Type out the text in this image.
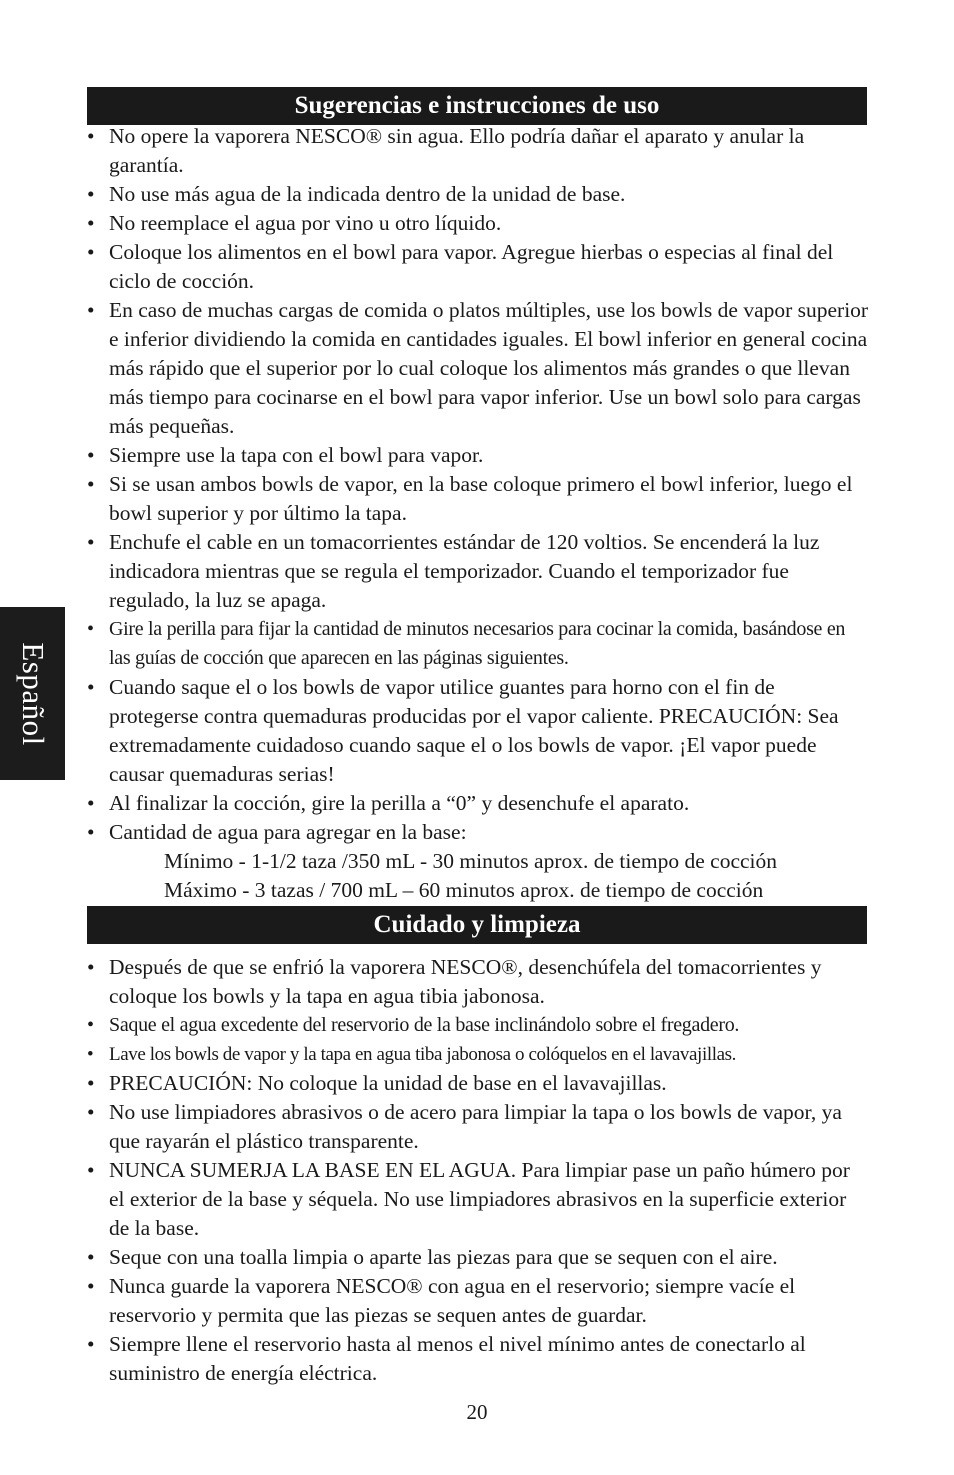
Español
Sugerencias e instrucciones de uso
• No opere la vaporera NESCO® sin agua. Ello podría dañar el aparato y anular la garantía.
• No use más agua de la indicada dentro de la unidad de base.
• No reemplace el agua por vino u otro líquido.
• Coloque los alimentos en el bowl para vapor. Agregue hierbas o especias al final del ciclo de cocción.
• En caso de muchas cargas de comida o platos múltiples, use los bowls de vapor superior e inferior dividiendo la comida en cantidades iguales. El bowl inferior en general cocina más rápido que el superior por lo cual coloque los alimentos más grandes o que llevan más tiempo para cocinarse en el bowl para vapor inferior. Use un bowl solo para cargas más pequeñas.
• Siempre use la tapa con el bowl para vapor.
• Si se usan ambos bowls de vapor, en la base coloque primero el bowl inferior, luego el bowl superior y por último la tapa.
• Enchufe el cable en un tomacorrientes estándar de 120 voltios. Se encenderá la luz indicadora mientras que se regula el temporizador. Cuando el temporizador fue regulado, la luz se apaga.
• Gire la perilla para fijar la cantidad de minutos necesarios para cocinar la comida, basándose en las guías de cocción que aparecen en las páginas siguientes.
• Cuando saque el o los bowls de vapor utilice guantes para horno con el fin de protegerse contra quemaduras producidas por el vapor caliente. PRECAUCIÓN: Sea extremadamente cuidadoso cuando saque el o los bowls de vapor. ¡El vapor puede causar quemaduras serias!
• Al finalizar la cocción, gire la perilla a “0” y desenchufe el aparato.
• Cantidad de agua para agregar en la base:
Mínimo - 1-1/2 taza /350 mL - 30 minutos aprox. de tiempo de cocción
Máximo - 3 tazas / 700 mL – 60 minutos aprox. de tiempo de cocción
Cuidado y limpieza
• Después de que se enfrió la vaporera NESCO®, desenchúfela del tomacorrientes y coloque los bowls y la tapa en agua tibia jabonosa.
• Saque el agua excedente del reservorio de la base inclinándolo sobre el fregadero.
• Lave los bowls de vapor y la tapa en agua tiba jabonosa o colóquelos en el lavavajillas.
• PRECAUCIÓN: No coloque la unidad de base en el lavavajillas.
• No use limpiadores abrasivos o de acero para limpiar la tapa o los bowls de vapor, ya que rayarán el plástico transparente.
• NUNCA SUMERJA LA BASE EN EL AGUA. Para limpiar pase un paño húmero por el exterior de la base y séquela. No use limpiadores abrasivos en la superficie exterior de la base.
• Seque con una toalla limpia o aparte las piezas para que se sequen con el aire.
• Nunca guarde la vaporera NESCO® con agua en el reservorio; siempre vacíe el reservorio y permita que las piezas se sequen antes de guardar.
• Siempre llene el reservorio hasta al menos el nivel mínimo antes de conectarlo al suministro de energía eléctrica.
20
